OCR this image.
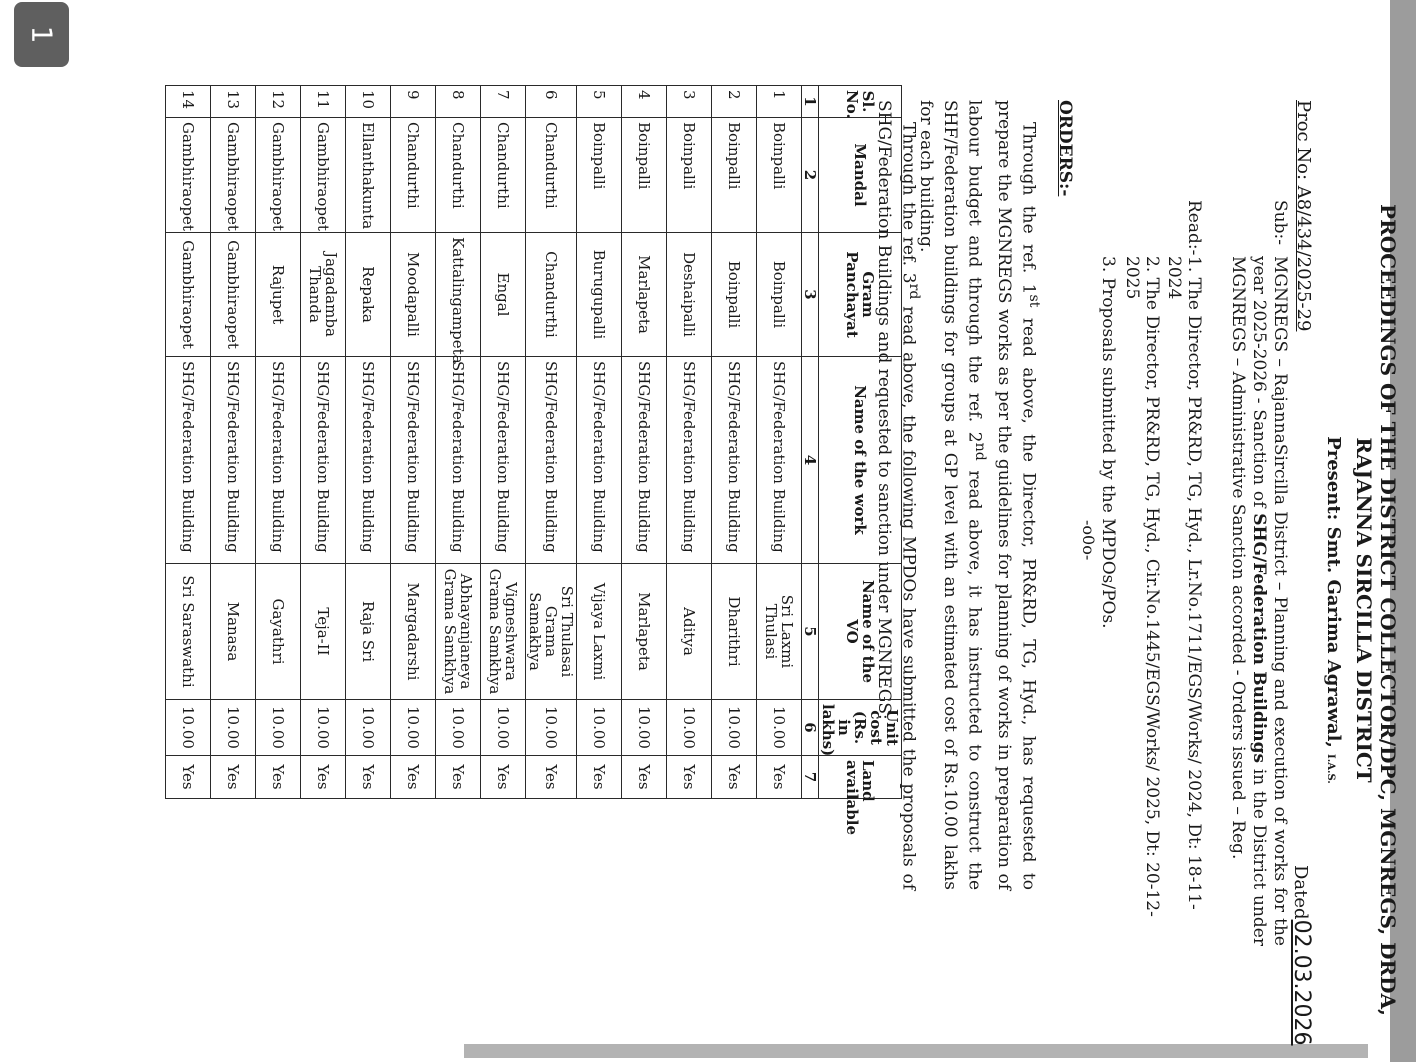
1
PROCEEDINGS OF THE DISTRICT COLLECTOR/DPC, MGNREGS, DRDA,
RAJANNA SIRCILLA DISTRICT
Present: Smt. Garima Agrawal, I.A.S.
Proc No: A8/434/2025-29
Dated02.03.2026
Sub:-
MGNREGS – RajannaSircilla District – Planning and execution of works for the year 2025-2026 - Sanction of SHG/Federation Buildings in the District under MGNREGS – Administrative Sanction accorded - Orders issued – Reg.
Read:-
1. The Director, PR&RD, TG, Hyd., Lr.No.1711/EGS/Works/ 2024, Dt: 18-11-2024
2. The Director, PR&RD, TG, Hyd., Cir.No.1445/EGS/Works/ 2025, Dt: 20-12-2025
3. Proposals submitted by the MPDOs/POs.
-o0o-
ORDERS:-
Through the ref. 1st read above, the Director, PR&RD, TG, Hyd., has requested to prepare the MGNREGS works as per the guidelines for planning of works in preparation of labour budget and through the ref. 2nd read above, it has instructed to construct the SHF/Federation buildings for groups at GP level with an estimated cost of Rs.10.00 lakhs for each building.
Through the ref. 3rd read above, the following MPDOs have submitted the proposals of SHG/Federation Buildings and requested to sanction under MGNREGS:
Sl. No.	Mandal	Gram Panchayat	Name of the work	Name of the VO	Unit cost (Rs. in lakhs)	Land available
1	2	3	4	5	6	7
1	Boinpalli	Boinpalli	SHG/Federation Building	Sri Laxmi Thulasi	10.00	Yes
2	Boinpalli	Boinpalli	SHG/Federation Building	Dharithri	10.00	Yes
3	Boinpalli	Deshaipalli	SHG/Federation Building	Aditya	10.00	Yes
4	Boinpalli	Marlapeta	SHG/Federation Building	Marlapeta	10.00	Yes
5	Boinpalli	Burugupalli	SHG/Federation Building	Vijaya Laxmi	10.00	Yes
6	Chandurthi	Chandurthi	SHG/Federation Building	Sri Thulasai Grama Samakhya	10.00	Yes
7	Chandurthi	Engal	SHG/Federation Building	Vigneshwara Grama Samkhya	10.00	Yes
8	Chandurthi	Kattalingampeta	SHG/Federation Building	Abhayanjaneya Grama Samkhya	10.00	Yes
9	Chandurthi	Moodapalli	SHG/Federation Building	Margadarshi	10.00	Yes
10	Ellanthakunta	Repaka	SHG/Federation Building	Raja Sri	10.00	Yes
11	Gambhiraopet	Jagadamba Thanda	SHG/Federation Building	Teja-II	10.00	Yes
12	Gambhiraopet	Rajupet	SHG/Federation Building	Gayathri	10.00	Yes
13	Gambhiraopet	Gambhiraopet	SHG/Federation Building	Manasa	10.00	Yes
14	Gambhiraopet	Gambhiraopet	SHG/Federation Building	Sri Saraswathi	10.00	Yes
